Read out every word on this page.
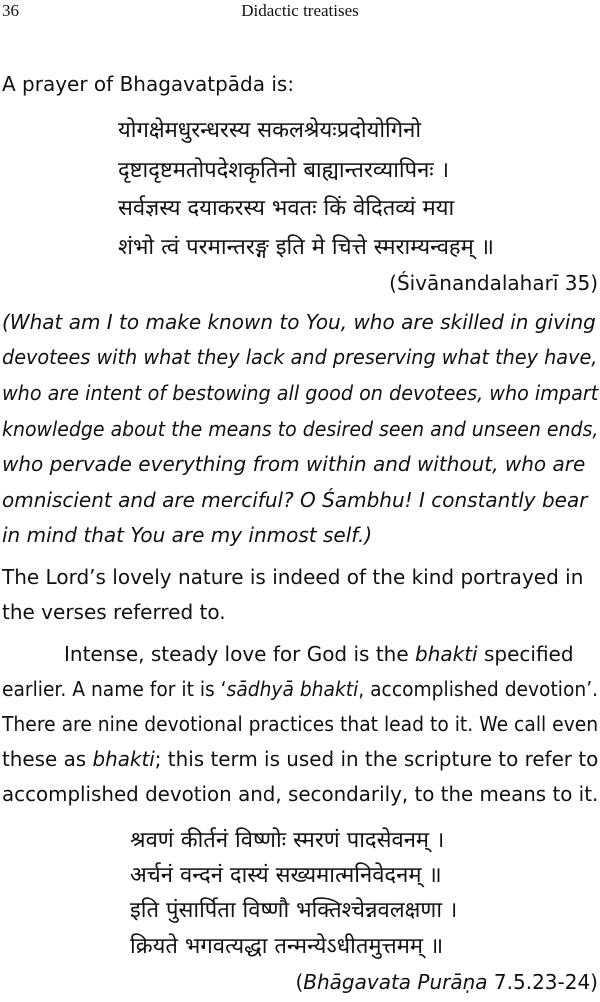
36	Didactic treatises
A prayer of Bhagavatpāda is:
योगक्षेमधुरन्धरस्य सकलश्रेयःप्रदोयोगिनो
दृष्टादृष्टमतोपदेशकृतिनो बाह्यान्तरव्यापिनः ।
सर्वज्ञस्य दयाकरस्य भवतः किं वेदितव्यं मया
शंभो त्वं परमान्तरङ्ग इति मे चित्ते स्मराम्यन्वहम् ॥
(Śivānandalaharī 35)
(What am I to make known to You, who are skilled in giving
devotees with what they lack and preserving what they have,
who are intent of bestowing all good on devotees, who impart
knowledge about the means to desired seen and unseen ends,
who pervade everything from within and without, who are
omniscient and are merciful? O Śambhu! I constantly bear
in mind that You are my inmost self.)
The Lord’s lovely nature is indeed of the kind portrayed in
the verses referred to.
Intense, steady love for God is the bhakti specified
earlier. A name for it is ‘sādhyā bhakti, accomplished devotion’.
There are nine devotional practices that lead to it. We call even
these as bhakti; this term is used in the scripture to refer to
accomplished devotion and, secondarily, to the means to it.
श्रवणं कीर्तनं विष्णोः स्मरणं पादसेवनम् ।
अर्चनं वन्दनं दास्यं सख्यमात्मनिवेदनम् ॥
इति पुंसार्पिता विष्णौ भक्तिश्चेन्नवलक्षणा ।
क्रियते भगवत्यद्धा तन्मन्येऽधीतमुत्तमम् ॥
(Bhāgavata Purāṇa 7.5.23-24)
